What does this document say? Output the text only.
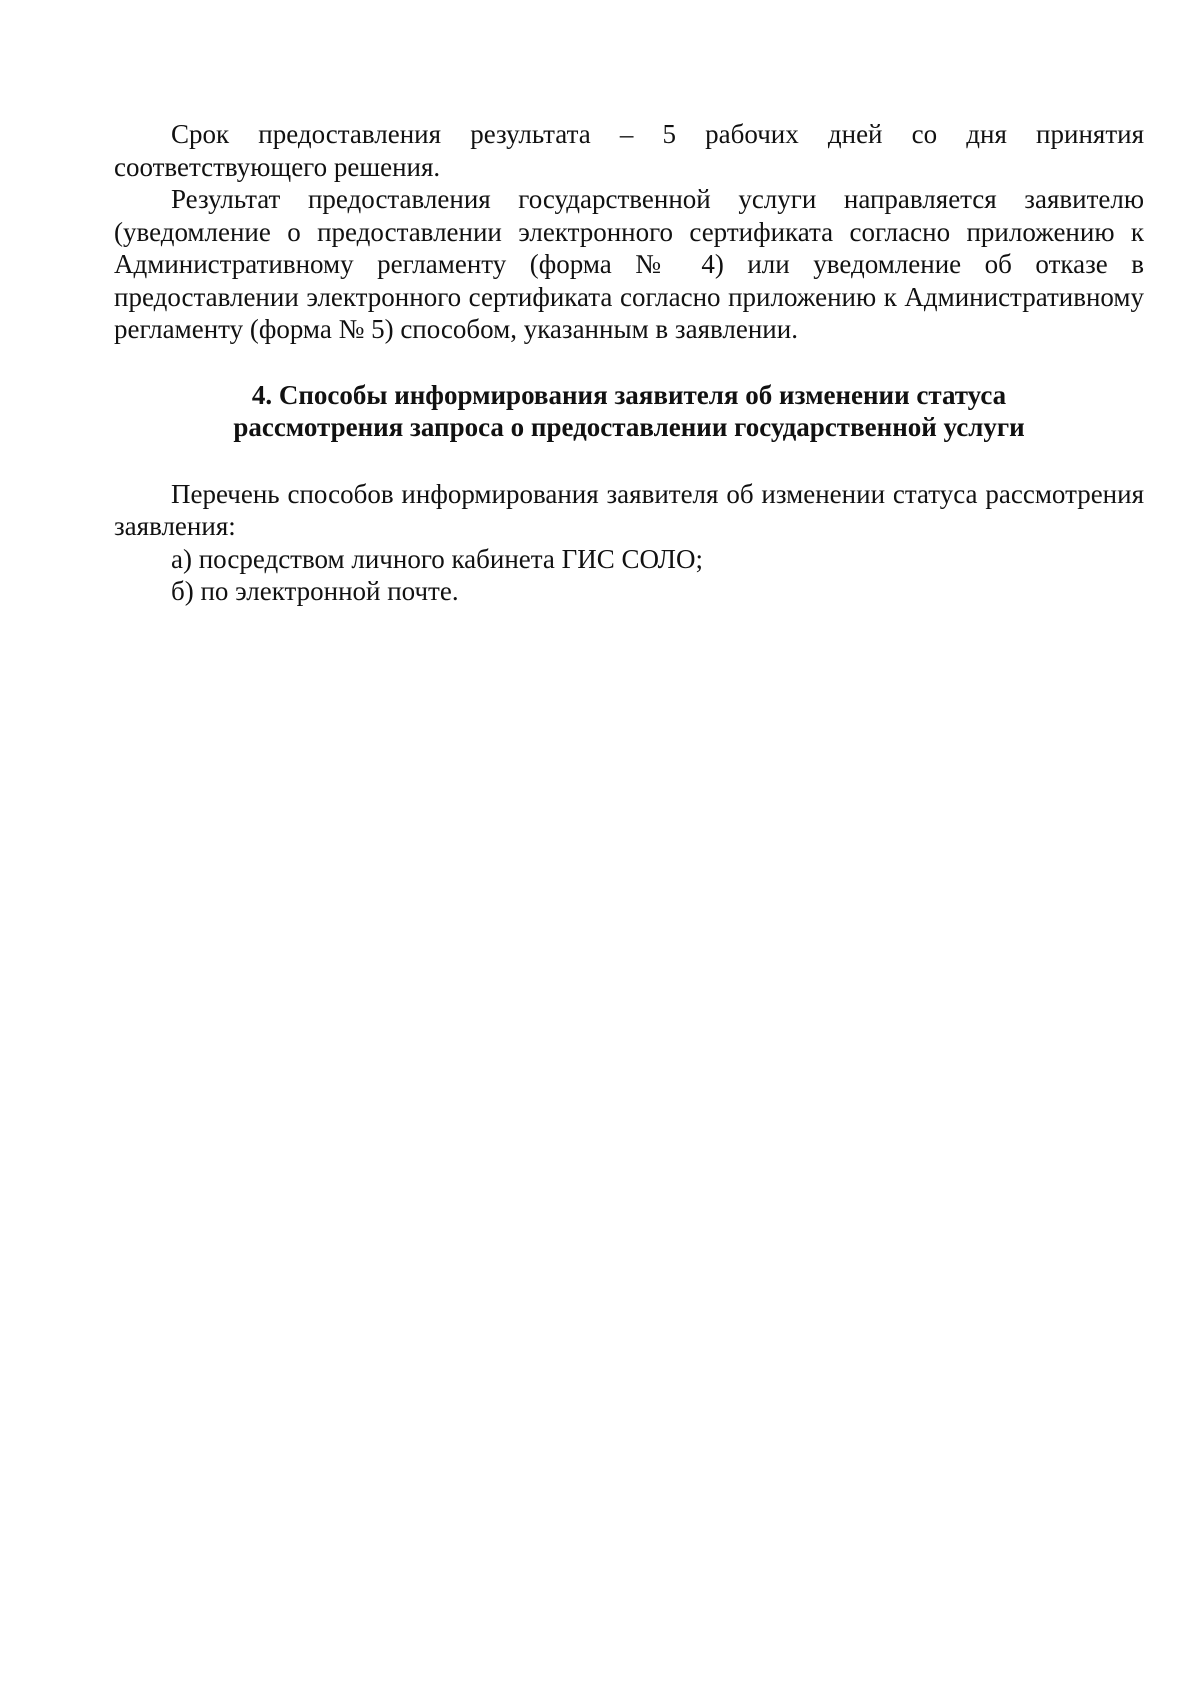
Срок предоставления результата – 5 рабочих дней со дня принятия соответствующего решения.

Результат предоставления государственной услуги направляется заявителю (уведомление о предоставлении электронного сертификата согласно приложению к Административному регламенту (форма № 4) или уведомление об отказе в предоставлении электронного сертификата согласно приложению к Административному регламенту (форма № 5) способом, указанным в заявлении.

4. Способы информирования заявителя об изменении статуса

рассмотрения запроса о предоставлении государственной услуги

Перечень способов информирования заявителя об изменении статуса рассмотрения заявления:

а) посредством личного кабинета ГИС СОЛО;

б) по электронной почте.
